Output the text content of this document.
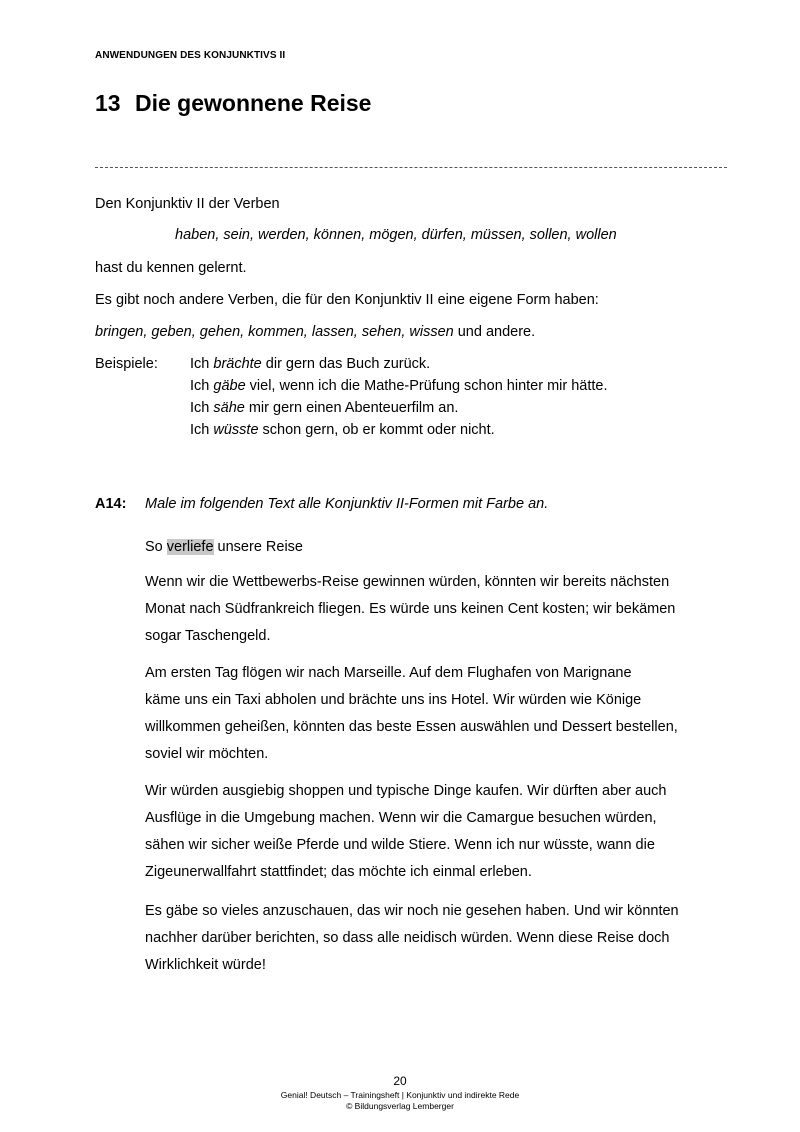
ANWENDUNGEN DES KONJUNKTIVS II
13 Die gewonnene Reise
Den Konjunktiv II der Verben
haben, sein, werden, können, mögen, dürfen, müssen, sollen, wollen
hast du kennen gelernt.
Es gibt noch andere Verben, die für den Konjunktiv II eine eigene Form haben:
bringen, geben, gehen, kommen, lassen, sehen, wissen und andere.
Beispiele: Ich brächte dir gern das Buch zurück.
Ich gäbe viel, wenn ich die Mathe-Prüfung schon hinter mir hätte.
Ich sähe mir gern einen Abenteuerfilm an.
Ich wüsste schon gern, ob er kommt oder nicht.
A14: Male im folgenden Text alle Konjunktiv II-Formen mit Farbe an.
So verliefe unsere Reise
Wenn wir die Wettbewerbs-Reise gewinnen würden, könnten wir bereits nächsten
Monat nach Südfrankreich fliegen. Es würde uns keinen Cent kosten; wir bekämen
sogar Taschengeld.
Am ersten Tag flögen wir nach Marseille. Auf dem Flughafen von Marignane
käme uns ein Taxi abholen und brächte uns ins Hotel. Wir würden wie Könige
willkommen geheißen, könnten das beste Essen auswählen und Dessert bestellen,
soviel wir möchten.
Wir würden ausgiebig shoppen und typische Dinge kaufen. Wir dürften aber auch
Ausflüge in die Umgebung machen. Wenn wir die Camargue besuchen würden,
sähen wir sicher weiße Pferde und wilde Stiere. Wenn ich nur wüsste, wann die
Zigeunerwallfahrt stattfindet; das möchte ich einmal erleben.
Es gäbe so vieles anzuschauen, das wir noch nie gesehen haben. Und wir könnten
nachher darüber berichten, so dass alle neidisch würden. Wenn diese Reise doch
Wirklichkeit würde!
20
Genial! Deutsch – Trainingsheft | Konjunktiv und indirekte Rede
© Bildungsverlag Lemberger
